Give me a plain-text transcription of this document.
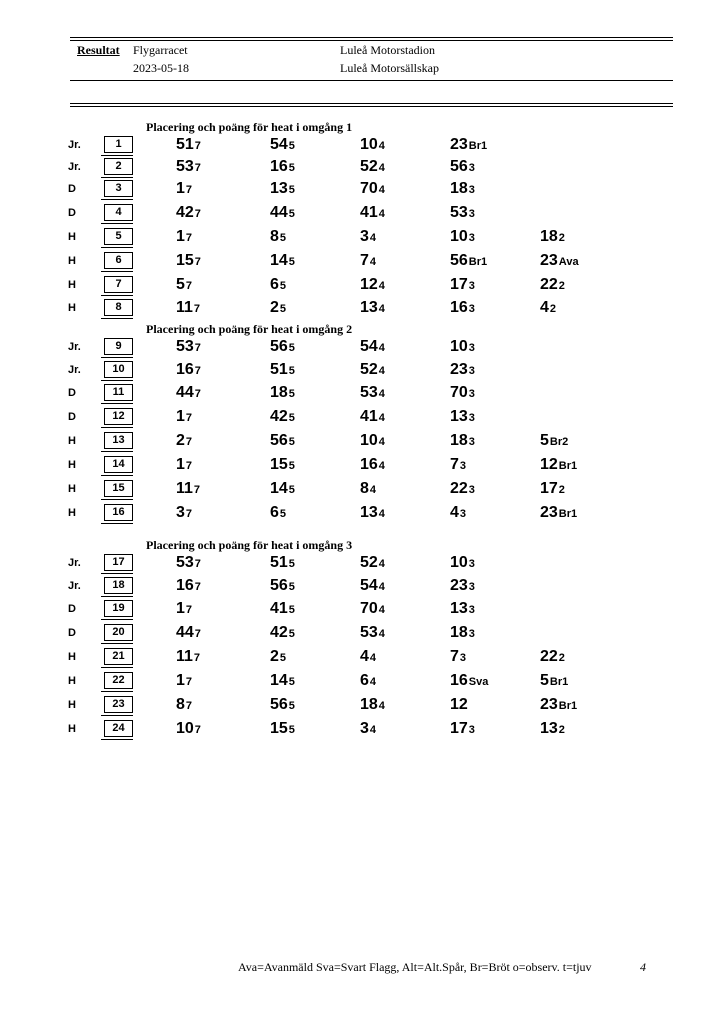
Resultat Flygarracet
2023-05-18
Luleå Motorstadion
Luleå Motorsällskap
Placering och poäng för heat i omgång 1
Jr.	1	517	545	104	23Br1
Jr.	2	537	165	524	563
D	3	17	135	704	183
D	4	427	445	414	533
H	5	17	85	34	103	182
H	6	157	145	74	56Br1	23Ava
H	7	57	65	124	173	222
H	8	117	25	134	163	42
Placering och poäng för heat i omgång 2
Jr.	9	537	565	544	103
Jr.	10	167	515	524	233
D	11	447	185	534	703
D	12	17	425	414	133
H	13	27	565	104	183	5Br2
H	14	17	155	164	73	12Br1
H	15	117	145	84	223	172
H	16	37	65	134	43	23Br1
Placering och poäng för heat i omgång 3
Jr.	17	537	515	524	103
Jr.	18	167	565	544	233
D	19	17	415	704	133
D	20	447	425	534	183
H	21	117	25	44	73	222
H	22	17	145	64	16Sva	5Br1
H	23	87	565	184	12	23Br1
H	24	107	155	34	173	132
Ava=Avanmäld Sva=Svart Flagg, Alt=Alt.Spår, Br=Bröt o=observ. t=tjuv	4
